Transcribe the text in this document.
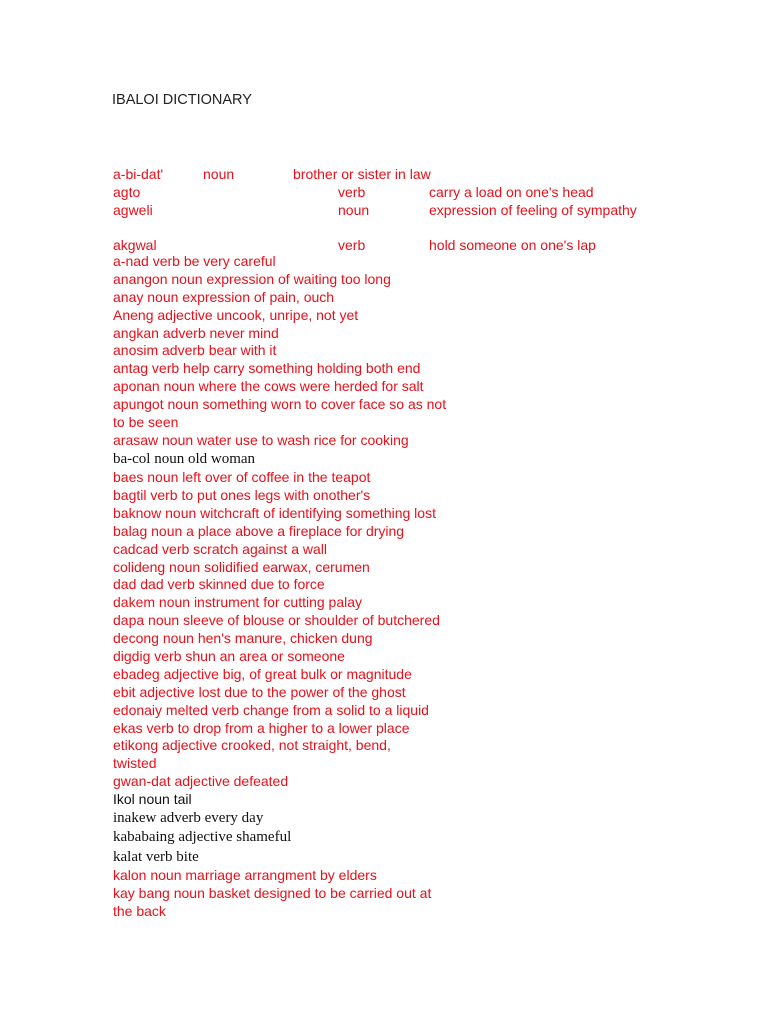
IBALOI DICTIONARY
a-bi-dat'	noun	brother or sister in law
agto	verb	carry a load on one's head
agweli	noun	expression of feeling of sympathy
akgwal	verb	hold someone on one's lap
a-nad verb be very careful
anangon noun expression of waiting too long
anay noun expression of pain, ouch
Aneng adjective uncook, unripe, not yet
angkan adverb never mind
anosim adverb bear with it
antag verb help carry something holding both end
aponan noun where the cows were herded for salt
apungot noun something worn to cover face so as not
to be seen
arasaw noun water use to wash rice for cooking
ba-col noun old woman
baes noun left over of coffee in the teapot
bagtil verb to put ones legs with onother's
baknow noun witchcraft of identifying something lost
balag noun a place above a fireplace for drying
cadcad verb scratch against a wall
colideng noun solidified earwax, cerumen
dad dad verb skinned due to force
dakem noun instrument for cutting palay
dapa noun sleeve of blouse or shoulder of butchered
decong noun hen's manure, chicken dung
digdig verb shun an area or someone
ebadeg adjective big, of great bulk or magnitude
ebit adjective lost due to the power of the ghost
edonaiy melted verb change from a solid to a liquid
ekas verb to drop from a higher to a lower place
etikong adjective crooked, not straight, bend,
twisted
gwan-dat adjective defeated
Ikol noun tail
inakew adverb every day
kababaing adjective shameful
kalat verb bite
kalon noun marriage arrangment by elders
kay bang noun basket designed to be carried out at
the back
